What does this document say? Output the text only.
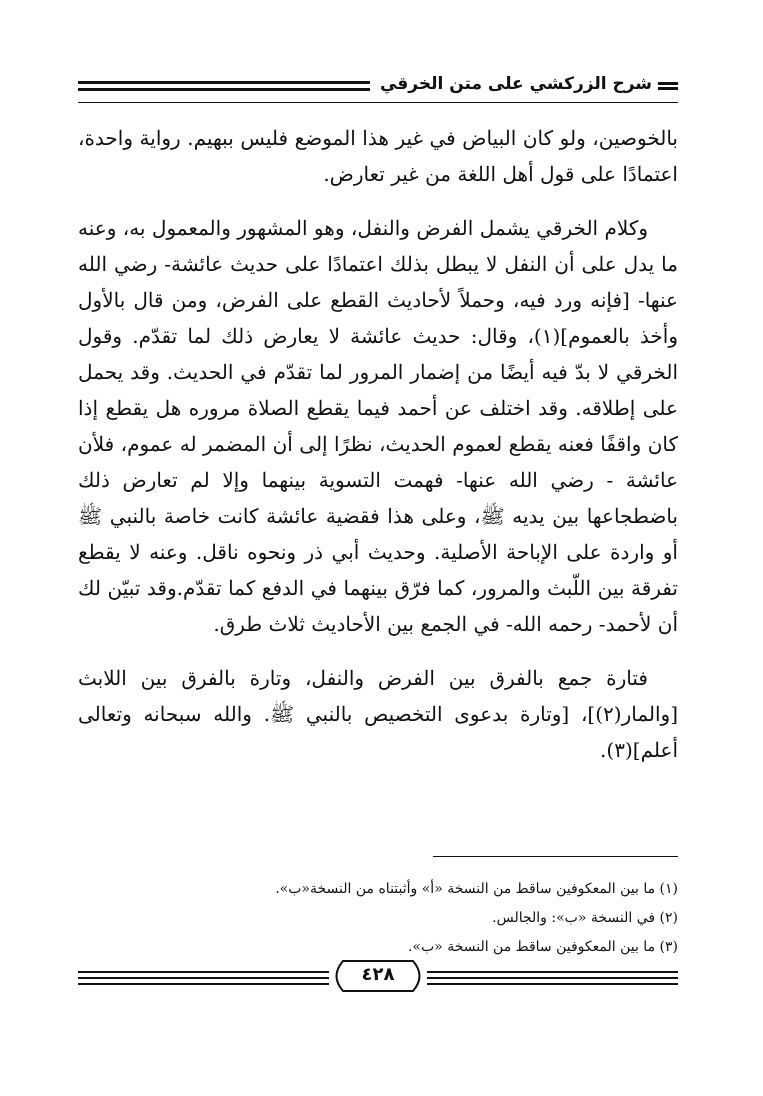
شرح الزركشي على متن الخرقي

بالخوصين، ولو كان البياض في غير هذا الموضع فليس ببهيم. رواية واحدة، اعتمادًا على قول أهل اللغة من غير تعارض.

وكلام الخرقي يشمل الفرض والنفل، وهو المشهور والمعمول به، وعنه ما يدل على أن النفل لا يبطل بذلك اعتمادًا على حديث عائشة- رضي الله عنها- [فإنه ورد فيه، وحملاً لأحاديث القطع على الفرض، ومن قال بالأول وأخذ بالعموم](١)، وقال: حديث عائشة لا يعارض ذلك لما تقدّم. وقول الخرقي لا بدّ فيه أيضًا من إضمار المرور لما تقدّم في الحديث. وقد يحمل على إطلاقه. وقد اختلف عن أحمد فيما يقطع الصلاة مروره هل يقطع إذا كان واقفًا فعنه يقطع لعموم الحديث، نظرًا إلى أن المضمر له عموم، فلأن عائشة - رضي الله عنها- فهمت التسوية بينهما وإلا لم تعارض ذلك باضطجاعها بين يديه ﷺ، وعلى هذا فقضية عائشة كانت خاصة بالنبي ﷺ أو واردة على الإباحة الأصلية. وحديث أبي ذر ونحوه ناقل. وعنه لا يقطع تفرقة بين اللّبث والمرور، كما فرّق بينهما في الدفع كما تقدّم.وقد تبيّن لك أن لأحمد- رحمه الله- في الجمع بين الأحاديث ثلاث طرق.

فتارة جمع بالفرق بين الفرض والنفل، وتارة بالفرق بين اللابث [والمار(٢)]، [وتارة بدعوى التخصيص بالنبي ﷺ. والله سبحانه وتعالى أعلم](٣).

(١) ما بين المعكوفين ساقط من النسخة «أ» وأثبتناه من النسخة«ب».
(٢) في النسخة «ب»: والجالس.
(٣) ما بين المعكوفين ساقط من النسخة «ب».
٤٢٨
